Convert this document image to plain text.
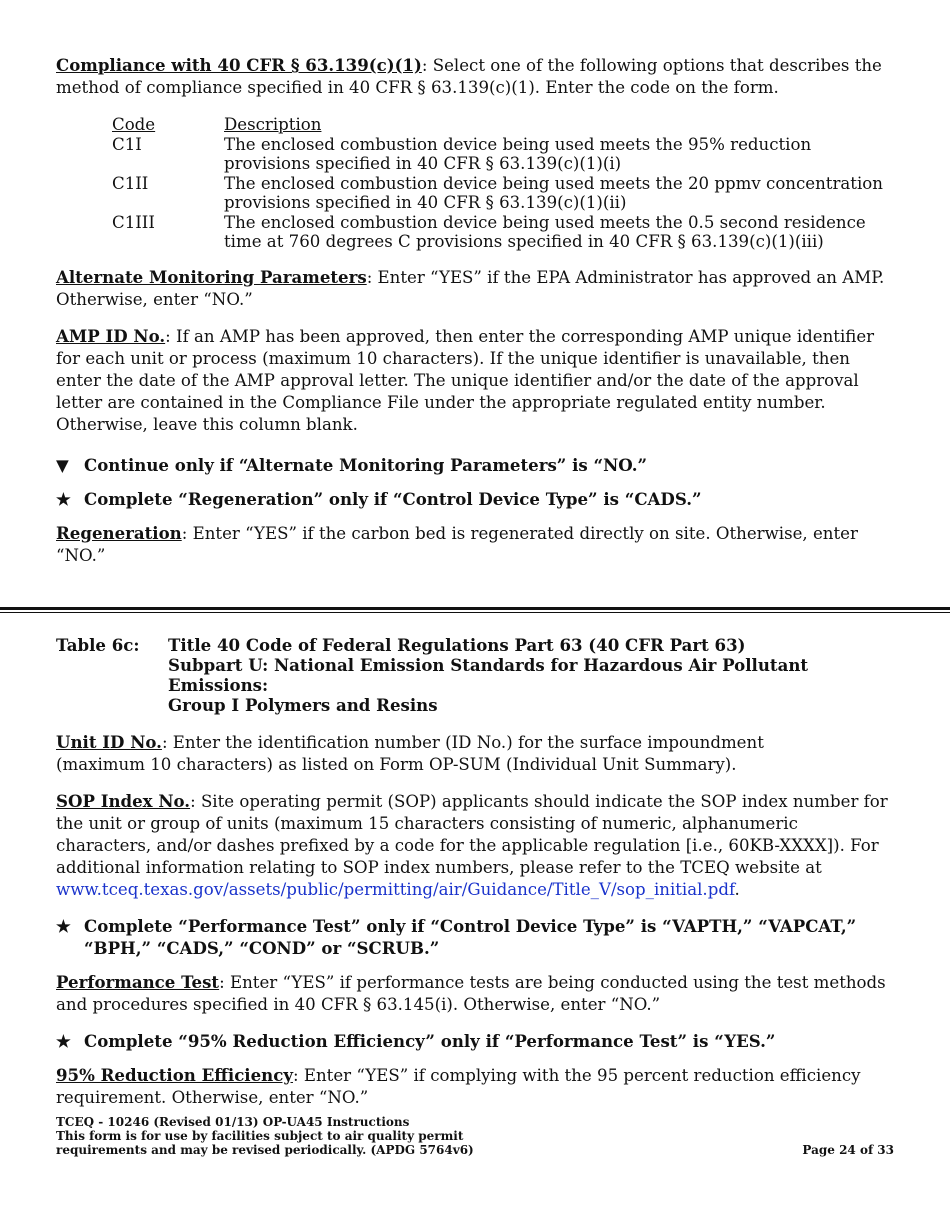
Compliance with 40 CFR § 63.139(c)(1): Select one of the following options that describes the method of compliance specified in 40 CFR § 63.139(c)(1). Enter the code on the form.

Code	Description
C1I	The enclosed combustion device being used meets the 95% reduction provisions specified in 40 CFR § 63.139(c)(1)(i)
C1II	The enclosed combustion device being used meets the 20 ppmv concentration provisions specified in 40 CFR § 63.139(c)(1)(ii)
C1III	The enclosed combustion device being used meets the 0.5 second residence time at 760 degrees C provisions specified in 40 CFR § 63.139(c)(1)(iii)

Alternate Monitoring Parameters: Enter “YES” if the EPA Administrator has approved an AMP. Otherwise, enter “NO.”

AMP ID No.: If an AMP has been approved, then enter the corresponding AMP unique identifier for each unit or process (maximum 10 characters). If the unique identifier is unavailable, then enter the date of the AMP approval letter. The unique identifier and/or the date of the approval letter are contained in the Compliance File under the appropriate regulated entity number. Otherwise, leave this column blank.

▼ Continue only if “Alternate Monitoring Parameters” is “NO.”
★ Complete “Regeneration” only if “Control Device Type” is “CADS.”

Regeneration: Enter “YES” if the carbon bed is regenerated directly on site. Otherwise, enter “NO.”

Table 6c:	Title 40 Code of Federal Regulations Part 63 (40 CFR Part 63)
Subpart U: National Emission Standards for Hazardous Air Pollutant Emissions:
Group I Polymers and Resins

Unit ID No.: Enter the identification number (ID No.) for the surface impoundment
(maximum 10 characters) as listed on Form OP-SUM (Individual Unit Summary).

SOP Index No.: Site operating permit (SOP) applicants should indicate the SOP index number for the unit or group of units (maximum 15 characters consisting of numeric, alphanumeric characters, and/or dashes prefixed by a code for the applicable regulation [i.e., 60KB-XXXX]). For additional information relating to SOP index numbers, please refer to the TCEQ website at
www.tceq.texas.gov/assets/public/permitting/air/Guidance/Title_V/sop_initial.pdf.

★ Complete “Performance Test” only if “Control Device Type” is “VAPTH,” “VAPCAT,” “BPH,” “CADS,” “COND” or “SCRUB.”

Performance Test: Enter “YES” if performance tests are being conducted using the test methods and procedures specified in 40 CFR § 63.145(i). Otherwise, enter “NO.”

★ Complete “95% Reduction Efficiency” only if “Performance Test” is “YES.”

95% Reduction Efficiency: Enter “YES” if complying with the 95 percent reduction efficiency requirement. Otherwise, enter “NO.”

TCEQ - 10246 (Revised 01/13) OP-UA45 Instructions
This form is for use by facilities subject to air quality permit
requirements and may be revised periodically. (APDG 5764v6)	Page 24 of 33
